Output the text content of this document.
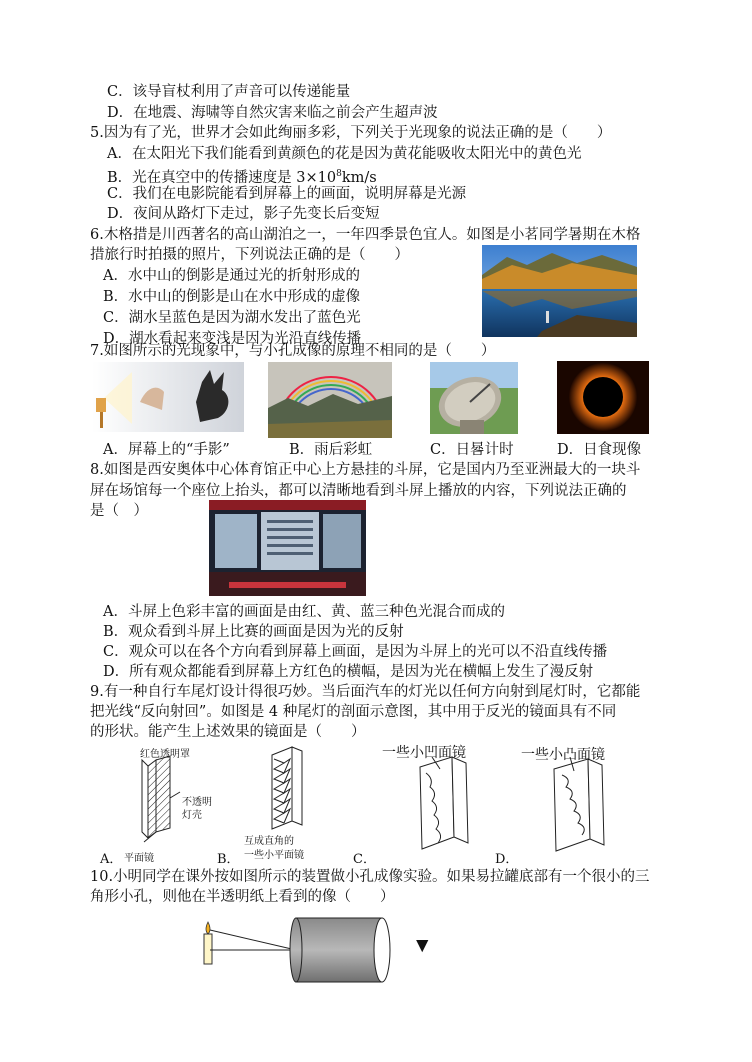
C．该导盲杖利用了声音可以传递能量
D．在地震、海啸等自然灾害来临之前会产生超声波
5.因为有了光，世界才会如此绚丽多彩，下列关于光现象的说法正确的是（　　）
A．在太阳光下我们能看到黄颜色的花是因为黄花能吸收太阳光中的黄色光
B．光在真空中的传播速度是 $3\times 10^8km/s$
C．我们在电影院能看到屏幕上的画面，说明屏幕是光源
D．夜间从路灯下走过，影子先变长后变短
6.木格措是川西著名的高山湖泊之一，一年四季景色宜人。如图是小茗同学暑期在木格
措旅行时拍摄的照片，下列说法正确的是（　　）
A．水中山的倒影是通过光的折射形成的
B．水中山的倒影是山在水中形成的虚像
C．湖水呈蓝色是因为湖水发出了蓝色光
D．湖水看起来变浅是因为光沿直线传播
7.如图所示的光现象中，与小孔成像的原理不相同的是（　　）
A．屏幕上的“手影”	B．雨后彩虹	C．日晷计时	D．日食现像
8.如图是西安奥体中心体育馆正中心上方悬挂的斗屏，它是国内乃至亚洲最大的一块斗
屏在场馆每一个座位上抬头，都可以清晰地看到斗屏上播放的内容，下列说法正确的
是（　）
A．斗屏上色彩丰富的画面是由红、黄、蓝三种色光混合而成的
B．观众看到斗屏上比赛的画面是因为光的反射
C．观众可以在各个方向看到屏幕上画面，是因为斗屏上的光可以不沿直线传播
D．所有观众都能看到屏幕上方红色的横幅，是因为光在横幅上发生了漫反射
9.有一种自行车尾灯设计得很巧妙。当后面汽车的灯光以任何方向射到尾灯时，它都能
把光线“反向射回”。如图是 4 种尾灯的剖面示意图，其中用于反光的镜面具有不同
的形状。能产生上述效果的镜面是（　　）
红色透明罩
不透明
灯壳
平面镜
A．
互成直角的
一些小平面镜
B．
一些小凹面镜
C．
一些小凸面镜
D．
10.小明同学在课外按如图所示的装置做小孔成像实验。如果易拉罐底部有一个很小的三
角形小孔，则他在半透明纸上看到的像（　　）
▲
